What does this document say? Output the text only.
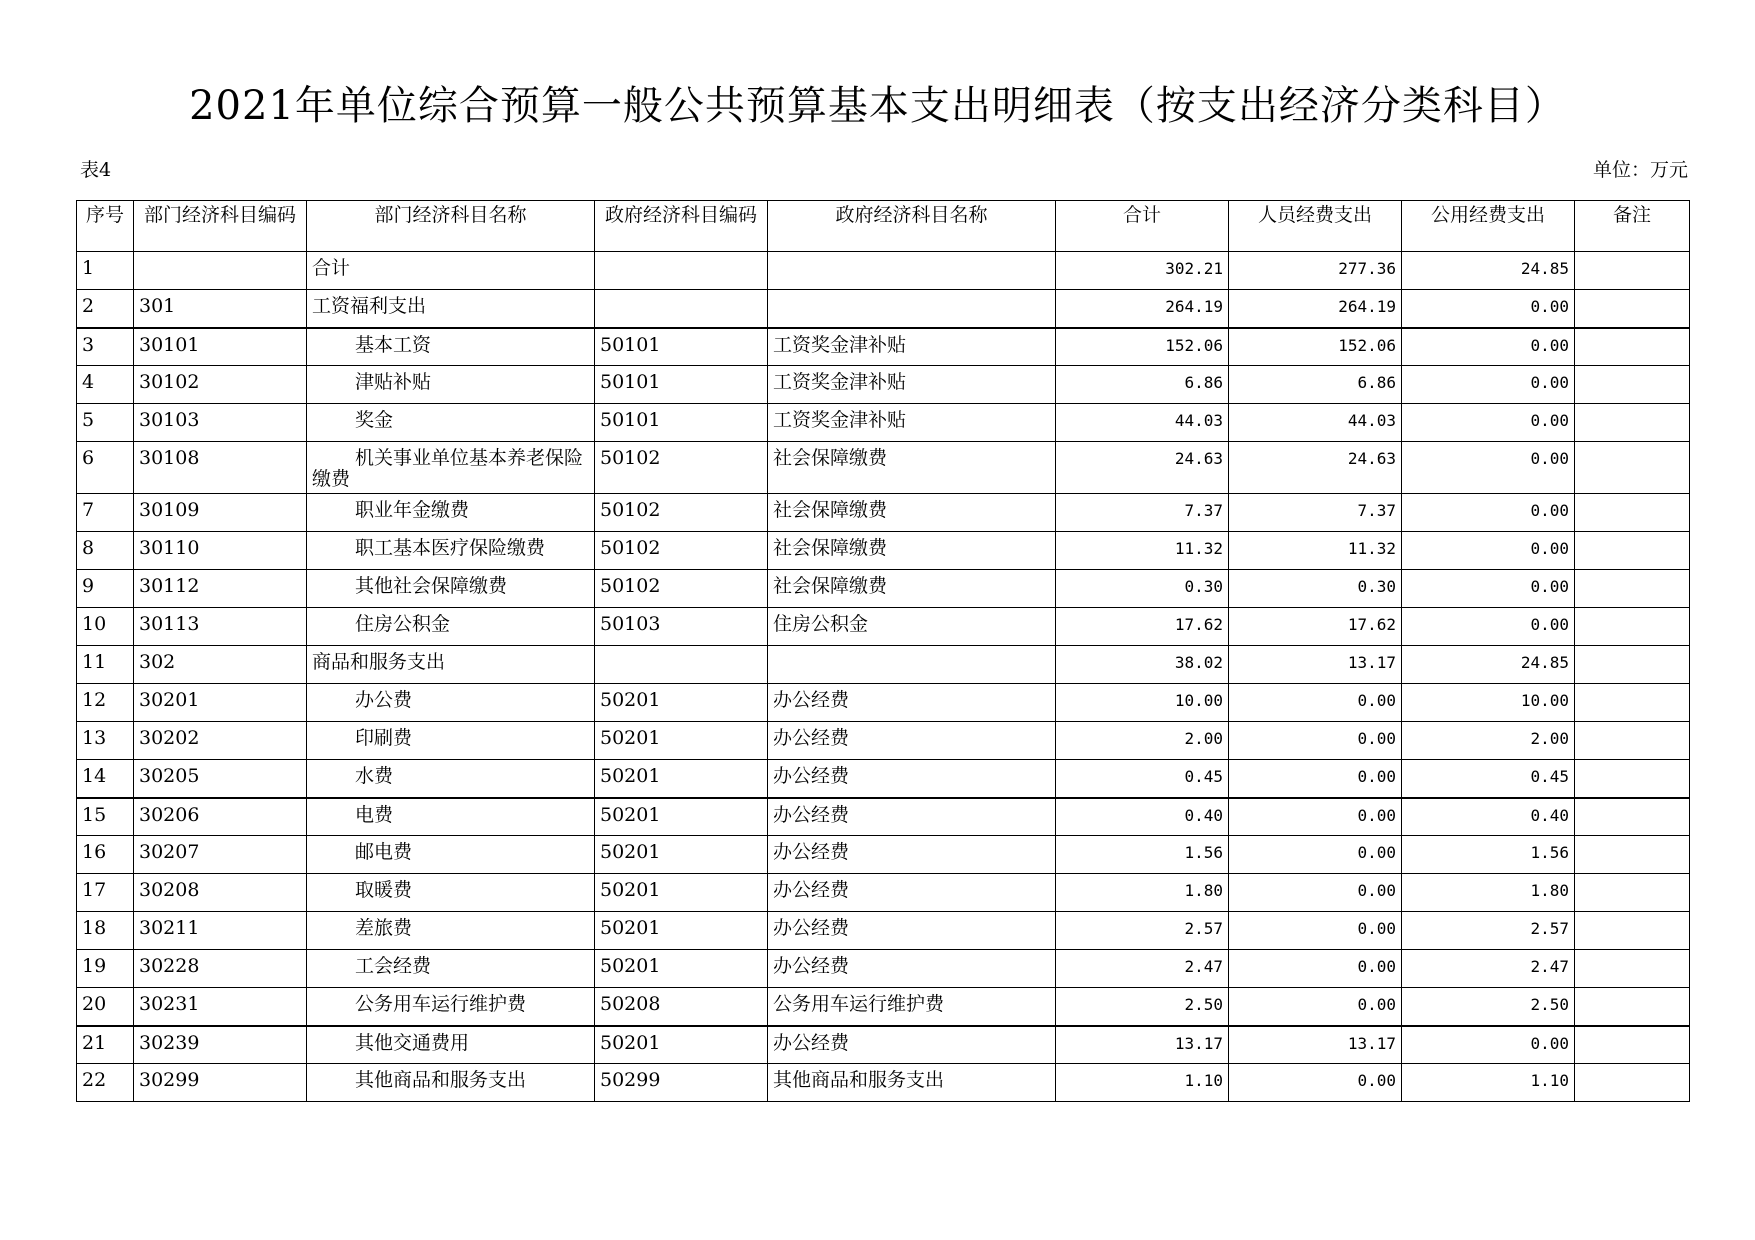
2021年单位综合预算一般公共预算基本支出明细表（按支出经济分类科目）
表4	单位：万元
序号	部门经济科目编码	部门经济科目名称	政府经济科目编码	政府经济科目名称	合计	人员经费支出	公用经费支出	备注
1		合计			302.21	277.36	24.85	
2	301	工资福利支出			264.19	264.19	0.00	
3	30101	基本工资	50101	工资奖金津补贴	152.06	152.06	0.00	
4	30102	津贴补贴	50101	工资奖金津补贴	6.86	6.86	0.00	
5	30103	奖金	50101	工资奖金津补贴	44.03	44.03	0.00	
6	30108	机关事业单位基本养老保险缴费	50102	社会保障缴费	24.63	24.63	0.00	
7	30109	职业年金缴费	50102	社会保障缴费	7.37	7.37	0.00	
8	30110	职工基本医疗保险缴费	50102	社会保障缴费	11.32	11.32	0.00	
9	30112	其他社会保障缴费	50102	社会保障缴费	0.30	0.30	0.00	
10	30113	住房公积金	50103	住房公积金	17.62	17.62	0.00	
11	302	商品和服务支出			38.02	13.17	24.85	
12	30201	办公费	50201	办公经费	10.00	0.00	10.00	
13	30202	印刷费	50201	办公经费	2.00	0.00	2.00	
14	30205	水费	50201	办公经费	0.45	0.00	0.45	
15	30206	电费	50201	办公经费	0.40	0.00	0.40	
16	30207	邮电费	50201	办公经费	1.56	0.00	1.56	
17	30208	取暖费	50201	办公经费	1.80	0.00	1.80	
18	30211	差旅费	50201	办公经费	2.57	0.00	2.57	
19	30228	工会经费	50201	办公经费	2.47	0.00	2.47	
20	30231	公务用车运行维护费	50208	公务用车运行维护费	2.50	0.00	2.50	
21	30239	其他交通费用	50201	办公经费	13.17	13.17	0.00	
22	30299	其他商品和服务支出	50299	其他商品和服务支出	1.10	0.00	1.10	
